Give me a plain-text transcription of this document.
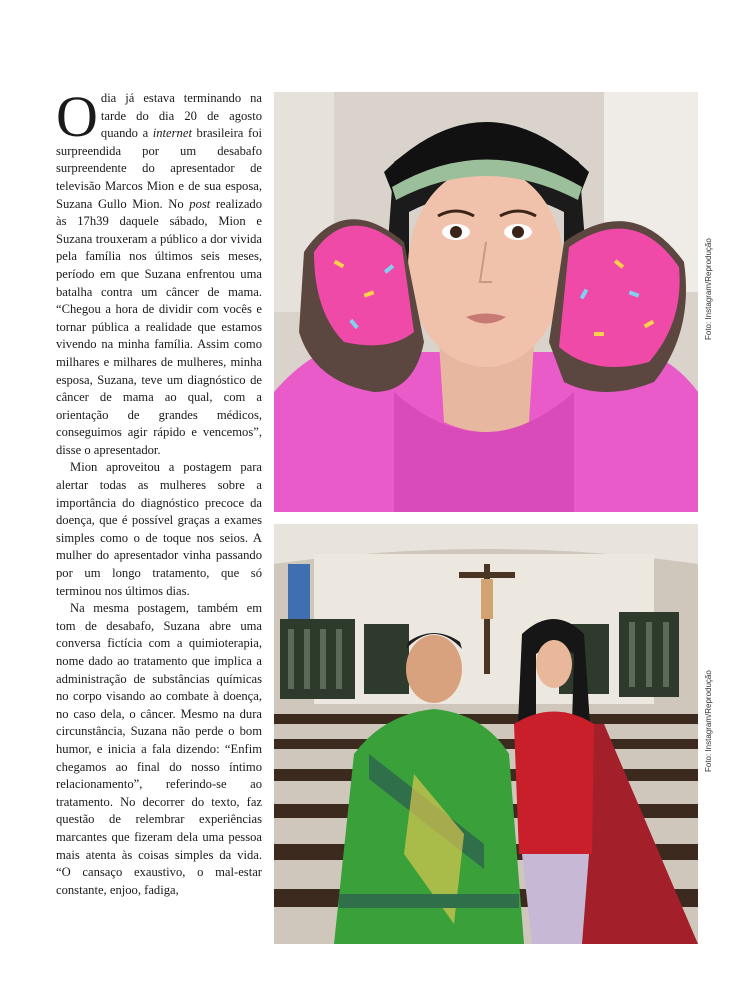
Odia já estava terminando na tarde do dia 20 de agosto quando a internet brasileira foi surpreendida por um desabafo surpreendente do apresentador de televisão Marcos Mion e de sua esposa, Suzana Gullo Mion. No post realizado às 17h39 daquele sábado, Mion e Suzana trouxeram a público a dor vivida pela família nos últimos seis meses, período em que Suzana enfrentou uma batalha contra um câncer de mama. “Chegou a hora de dividir com vocês e tornar pública a realidade que estamos vivendo na minha família. Assim como milhares e milhares de mulheres, minha esposa, Suzana, teve um diagnóstico de câncer de mama ao qual, com a orientação de grandes médicos, conseguimos agir rápido e vencemos”, disse o apresentador.

Mion aproveitou a postagem para alertar todas as mulheres sobre a importância do diagnóstico precoce da doença, que é possível graças a exames simples como o de toque nos seios. A mulher do apresentador vinha passando por um longo tratamento, que só terminou nos últimos dias.

Na mesma postagem, também em tom de desabafo, Suzana abre uma conversa fictícia com a quimioterapia, nome dado ao tratamento que implica a administração de substâncias químicas no corpo visando ao combate à doença, no caso dela, o câncer. Mesmo na dura circunstância, Suzana não perde o bom humor, e inicia a fala dizendo: “Enfim chegamos ao final do nosso íntimo relacionamento”, referindo-se ao tratamento. No decorrer do texto, faz questão de relembrar experiências marcantes que fizeram dela uma pessoa mais atenta às coisas simples da vida. “O cansaço exaustivo, o mal-estar constante, enjoo, fadiga,

Foto: Instagram/Reprodução
Foto: Instagram/Reprodução
